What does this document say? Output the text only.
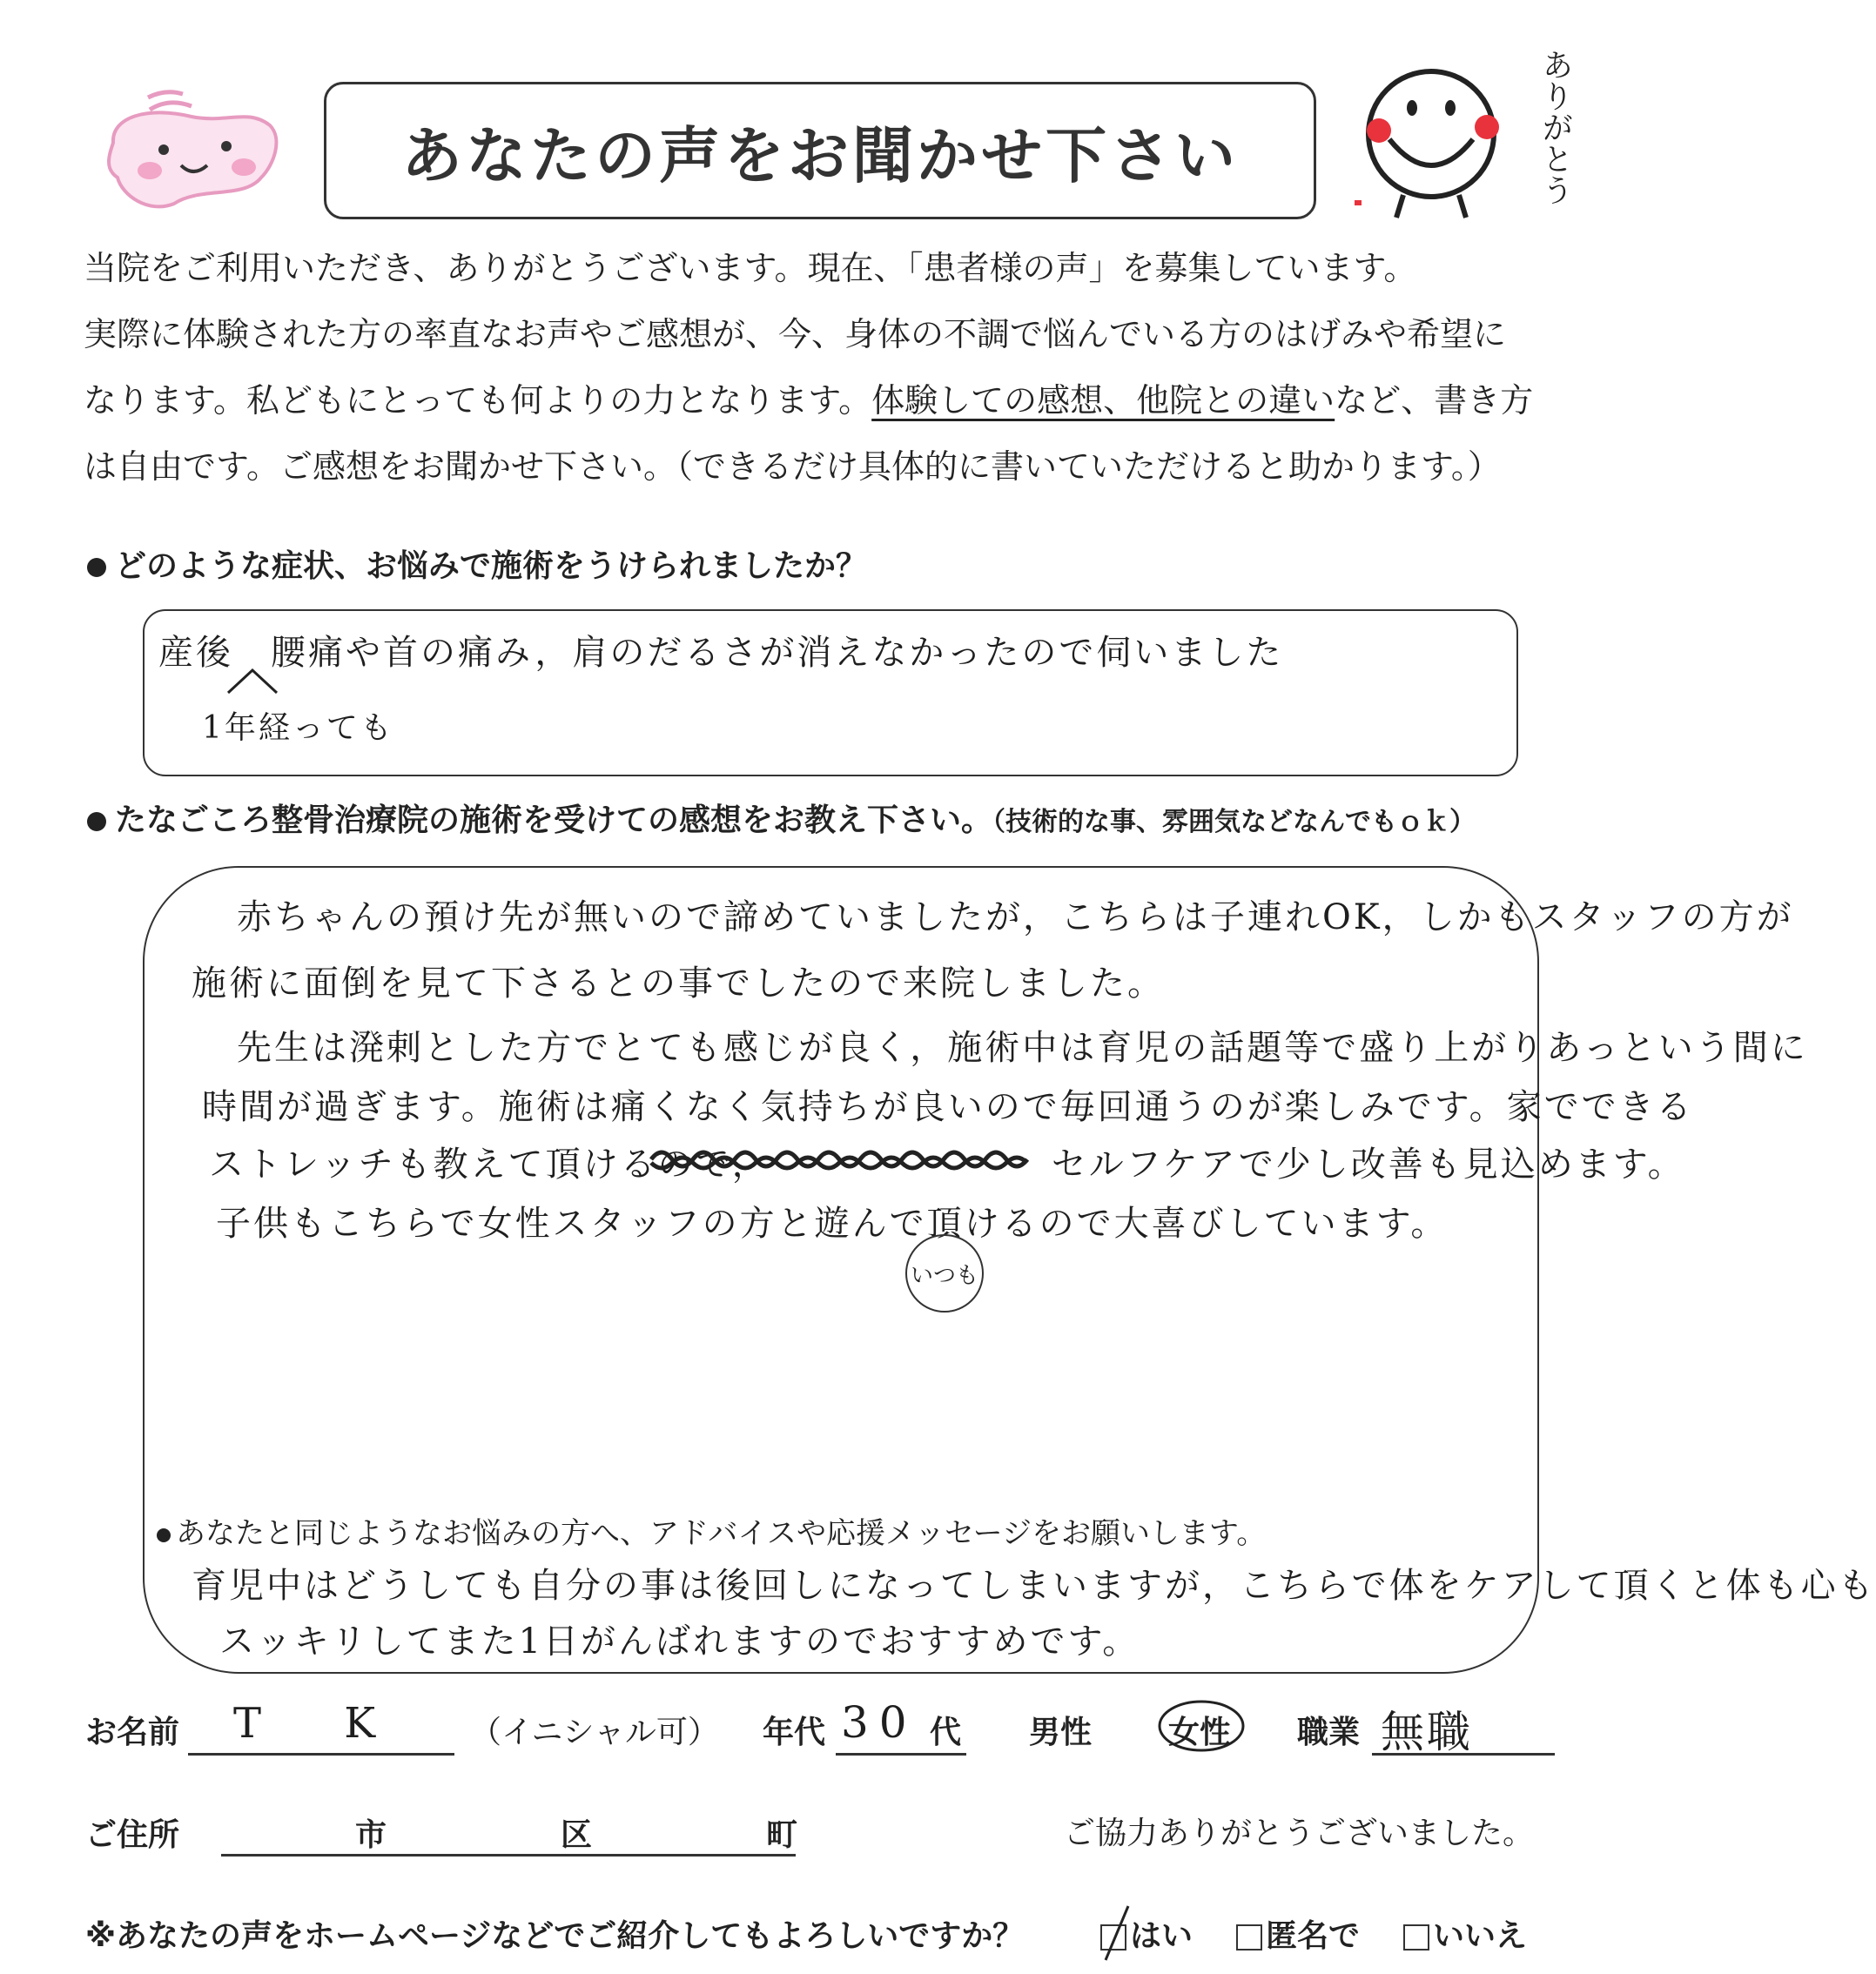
あなたの声をお聞かせ下さい	ありがとう

当院をご利用いただき、ありがとうございます。現在、「患者様の声」を募集しています。

実際に体験された方の率直なお声やご感想が、今、身体の不調で悩んでいる方のはげみや希望に

なります。私どもにとっても何よりの力となります。体験しての感想、他院との違いなど、書き方

は自由です。ご感想をお聞かせ下さい。（できるだけ具体的に書いていただけると助かります。）

どのような症状、お悩みで施術をうけられましたか？
産後　腰痛や首の痛み，肩のだるさが消えなかったので伺いました
1年経っても
たなごころ整骨治療院の施術を受けての感想をお教え下さい。（技術的な事、雰囲気などなんでもｏｋ）
赤ちゃんの預け先が無いので諦めていましたが，こちらは子連れOK，しかもスタッフの方が
施術に面倒を見て下さるとの事でしたので来院しました。
先生は溌剌とした方でとても感じが良く，施術中は育児の話題等で盛り上がりあっという間に
時間が過ぎます。施術は痛くなく気持ちが良いので毎回通うのが楽しみです。家でできる
ストレッチも教えて頂けるので，　　　　　　　　セルフケアで少し改善も見込めます。
子供もこちらで女性スタッフの方と遊んで頂けるので大喜びしています。
いつも
あなたと同じようなお悩みの方へ、アドバイスや応援メッセージをお願いします。
育児中はどうしても自分の事は後回しになってしまいますが，こちらで体をケアして頂くと体も心も
スッキリしてまた1日がんばれますのでおすすめです。
お名前 T K （イニシャル可） 年代 30 代 男性 女性 職業 無職
ご住所	市	区	町	ご協力ありがとうございました。
※あなたの声をホームページなどでご紹介してもよろしいですか？	はい	匿名で	いいえ
